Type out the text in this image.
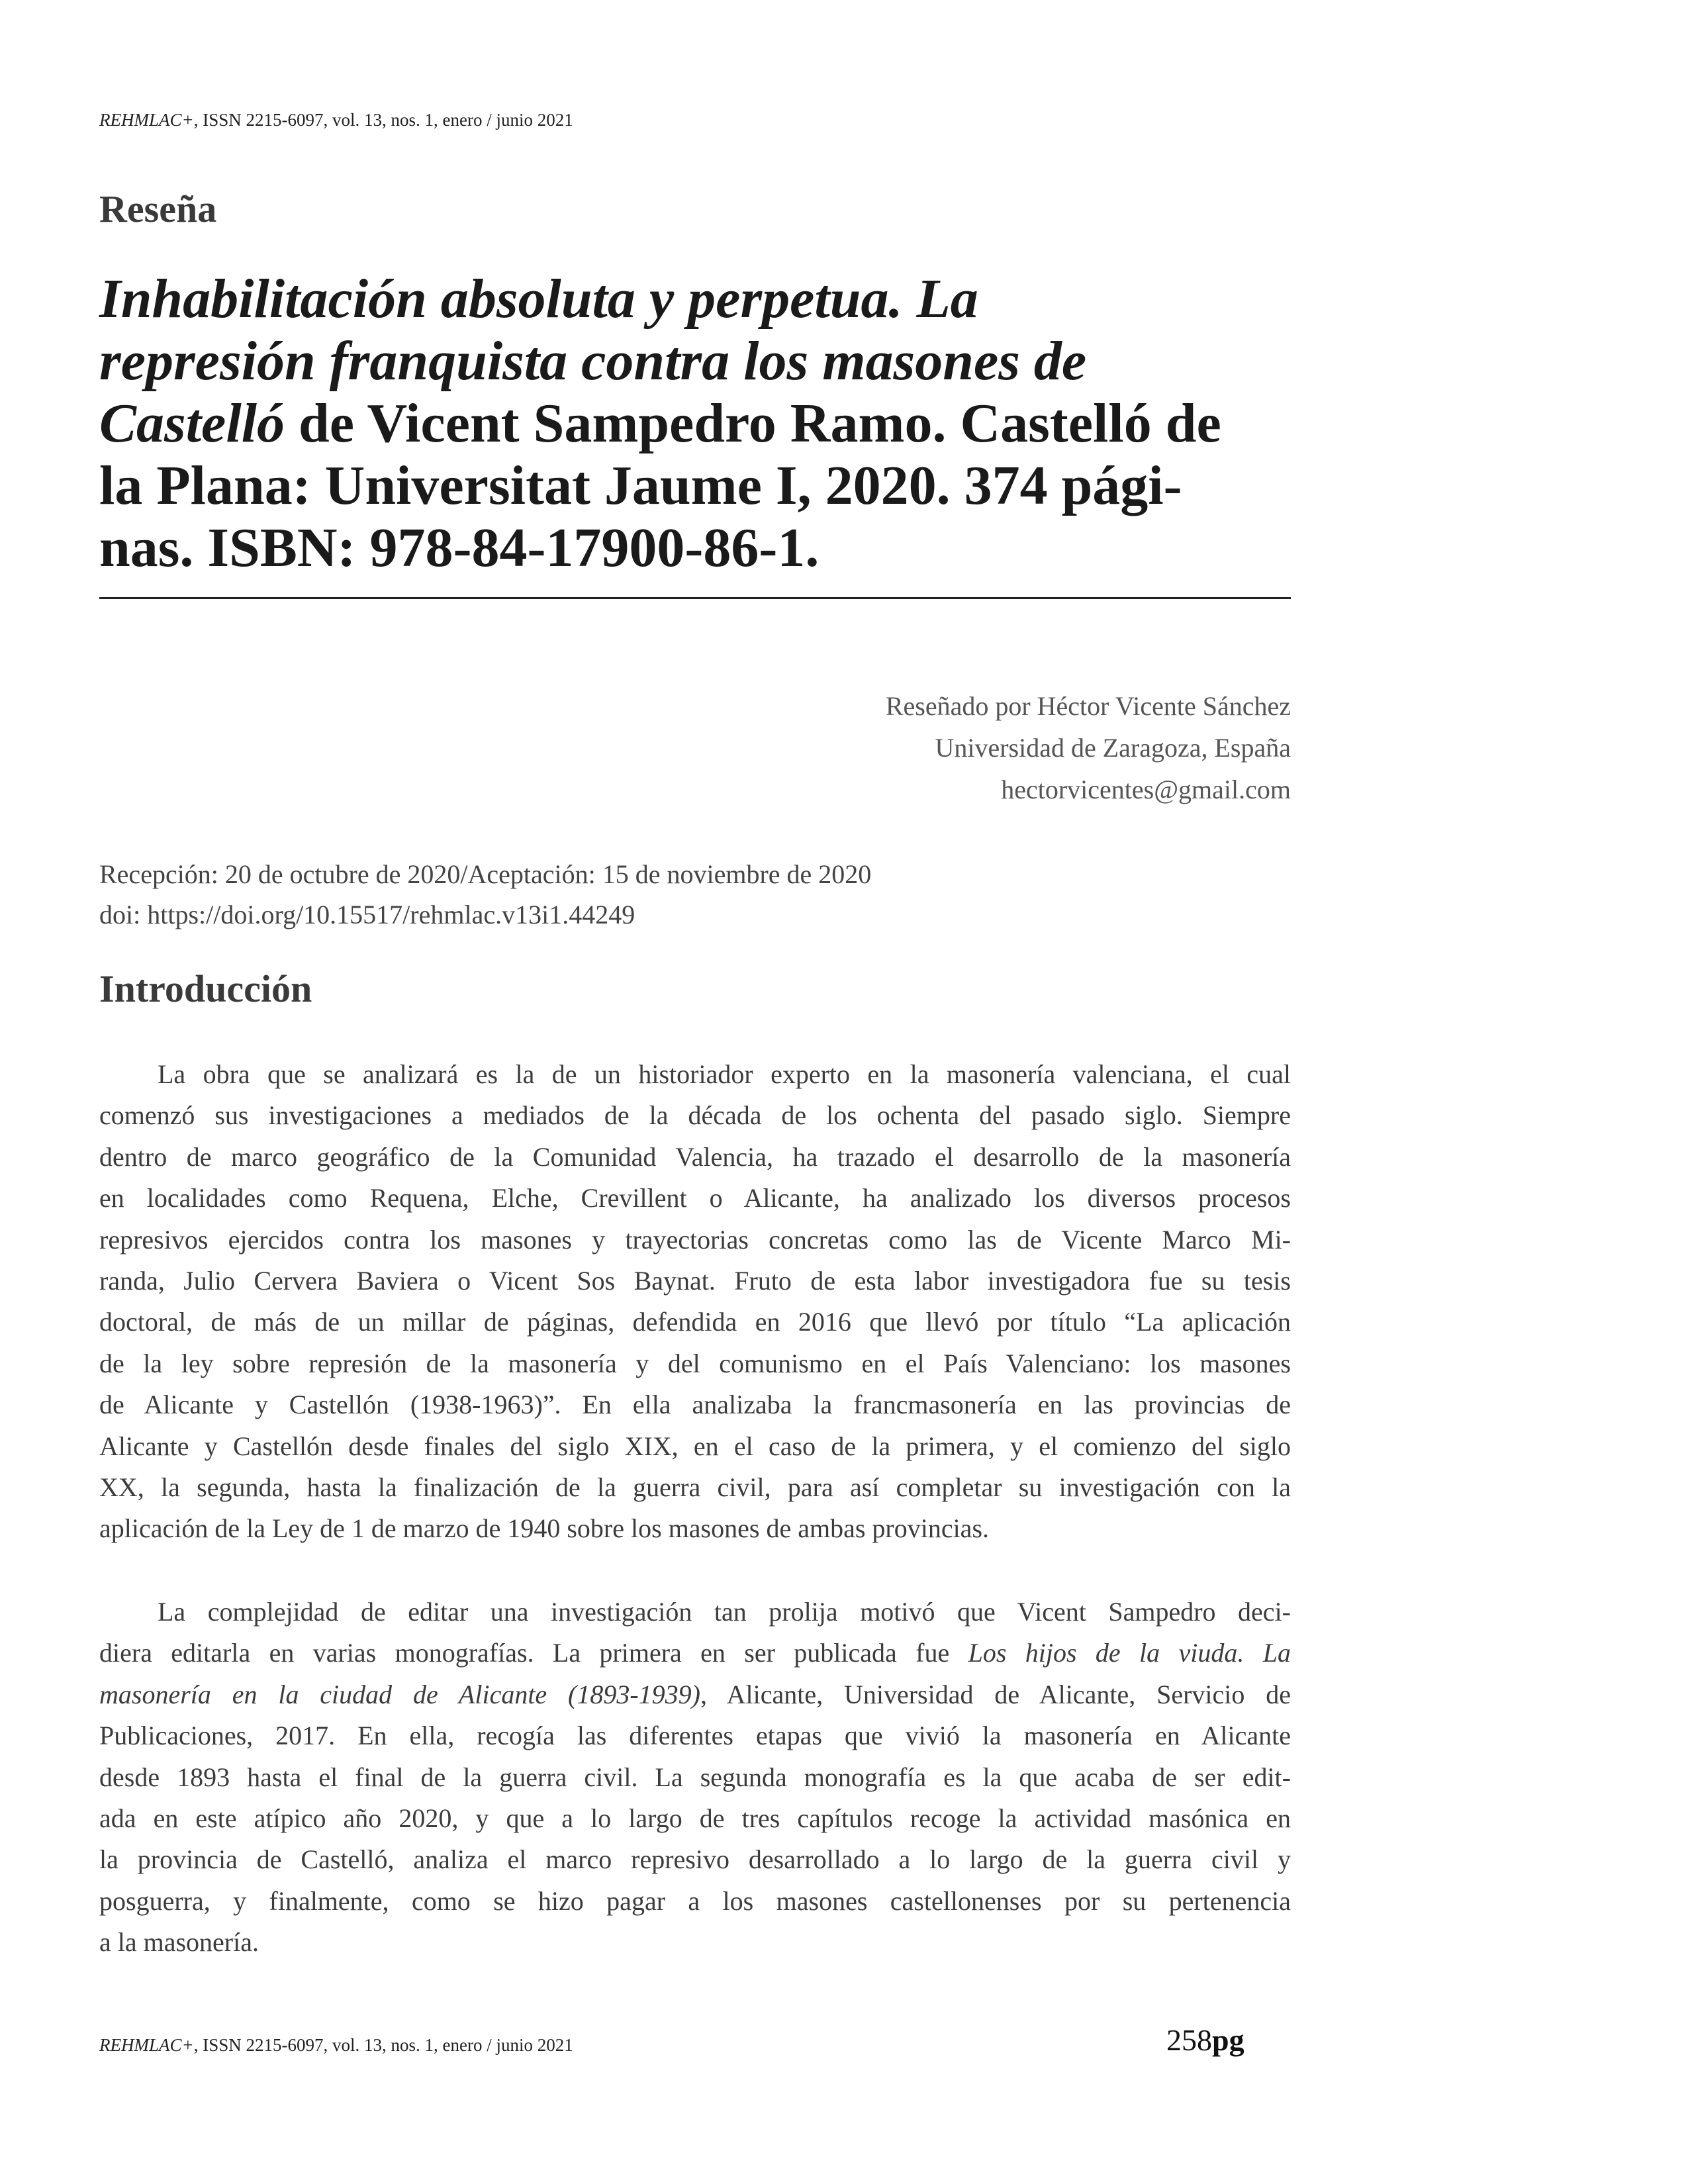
REHMLAC+, ISSN 2215-6097, vol. 13, nos. 1, enero / junio 2021
Reseña
Inhabilitación absoluta y perpetua. La
represión franquista contra los masones de
Castelló de Vicent Sampedro Ramo. Castelló de
la Plana: Universitat Jaume I, 2020. 374 pági-
nas. ISBN: 978-84-17900-86-1.
Reseñado por Héctor Vicente Sánchez
Universidad de Zaragoza, España
hectorvicentes@gmail.com
Recepción: 20 de octubre de 2020/Aceptación: 15 de noviembre de 2020
doi: https://doi.org/10.15517/rehmlac.v13i1.44249
Introducción
La obra que se analizará es la de un historiador experto en la masonería valenciana, el cual
comenzó sus investigaciones a mediados de la década de los ochenta del pasado siglo. Siempre
dentro de marco geográfico de la Comunidad Valencia, ha trazado el desarrollo de la masonería
en localidades como Requena, Elche, Crevillent o Alicante, ha analizado los diversos procesos
represivos ejercidos contra los masones y trayectorias concretas como las de Vicente Marco Mi-
randa, Julio Cervera Baviera o Vicent Sos Baynat. Fruto de esta labor investigadora fue su tesis
doctoral, de más de un millar de páginas, defendida en 2016 que llevó por título “La aplicación
de la ley sobre represión de la masonería y del comunismo en el País Valenciano: los masones
de Alicante y Castellón (1938-1963)”. En ella analizaba la francmasonería en las provincias de
Alicante y Castellón desde finales del siglo XIX, en el caso de la primera, y el comienzo del siglo
XX, la segunda, hasta la finalización de la guerra civil, para así completar su investigación con la
aplicación de la Ley de 1 de marzo de 1940 sobre los masones de ambas provincias.
La complejidad de editar una investigación tan prolija motivó que Vicent Sampedro deci-
diera editarla en varias monografías. La primera en ser publicada fue Los hijos de la viuda. La
masonería en la ciudad de Alicante (1893-1939), Alicante, Universidad de Alicante, Servicio de
Publicaciones, 2017. En ella, recogía las diferentes etapas que vivió la masonería en Alicante
desde 1893 hasta el final de la guerra civil. La segunda monografía es la que acaba de ser edit-
ada en este atípico año 2020, y que a lo largo de tres capítulos recoge la actividad masónica en
la provincia de Castelló, analiza el marco represivo desarrollado a lo largo de la guerra civil y
posguerra, y finalmente, como se hizo pagar a los masones castellonenses por su pertenencia
a la masonería.
REHMLAC+, ISSN 2215-6097, vol. 13, nos. 1, enero / junio 2021	258pg
